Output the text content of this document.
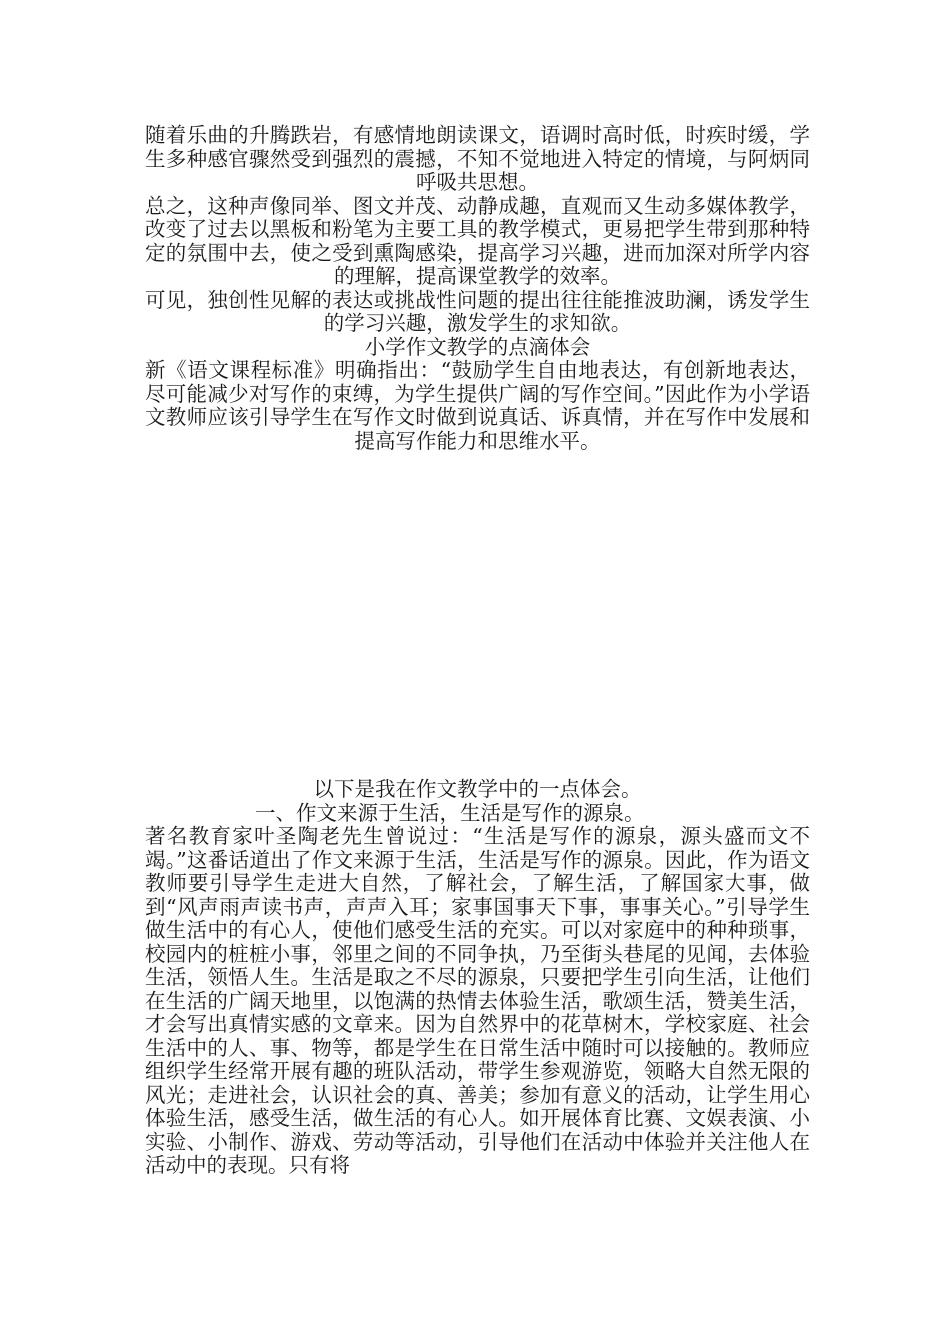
随着乐曲的升腾跌岩，有感情地朗读课文，语调时高时低，时疾时缓，学生多种感官骤然受到强烈的震撼，不知不觉地进入特定的情境，与阿炳同呼吸共思想。

总之，这种声像同举、图文并茂、动静成趣，直观而又生动多媒体教学，改变了过去以黑板和粉笔为主要工具的教学模式，更易把学生带到那种特定的氛围中去，使之受到熏陶感染，提高学习兴趣，进而加深对所学内容的理解，提高课堂教学的效率。

可见，独创性见解的表达或挑战性问题的提出往往能推波助澜，诱发学生的学习兴趣，激发学生的求知欲。

小学作文教学的点滴体会

新《语文课程标准》明确指出：“鼓励学生自由地表达，有创新地表达，尽可能减少对写作的束缚，为学生提供广阔的写作空间。”因此作为小学语文教师应该引导学生在写作文时做到说真话、诉真情，并在写作中发展和提高写作能力和思维水平。

以下是我在作文教学中的一点体会。

一、作文来源于生活，生活是写作的源泉。

著名教育家叶圣陶老先生曾说过：“生活是写作的源泉，源头盛而文不竭。”这番话道出了作文来源于生活，生活是写作的源泉。因此，作为语文教师要引导学生走进大自然，了解社会，了解生活，了解国家大事，做到“风声雨声读书声，声声入耳；家事国事天下事，事事关心。”引导学生做生活中的有心人，使他们感受生活的充实。可以对家庭中的种种琐事，校园内的桩桩小事，邻里之间的不同争执，乃至街头巷尾的见闻，去体验生活，领悟人生。生活是取之不尽的源泉，只要把学生引向生活，让他们在生活的广阔天地里，以饱满的热情去体验生活，歌颂生活，赞美生活，才会写出真情实感的文章来。因为自然界中的花草树木，学校家庭、社会生活中的人、事、物等，都是学生在日常生活中随时可以接触的。教师应组织学生经常开展有趣的班队活动，带学生参观游览，领略大自然无限的风光；走进社会，认识社会的真、善美；参加有意义的活动，让学生用心体验生活，感受生活，做生活的有心人。如开展体育比赛、文娱表演、小实验、小制作、游戏、劳动等活动，引导他们在活动中体验并关注他人在活动中的表现。只有将
